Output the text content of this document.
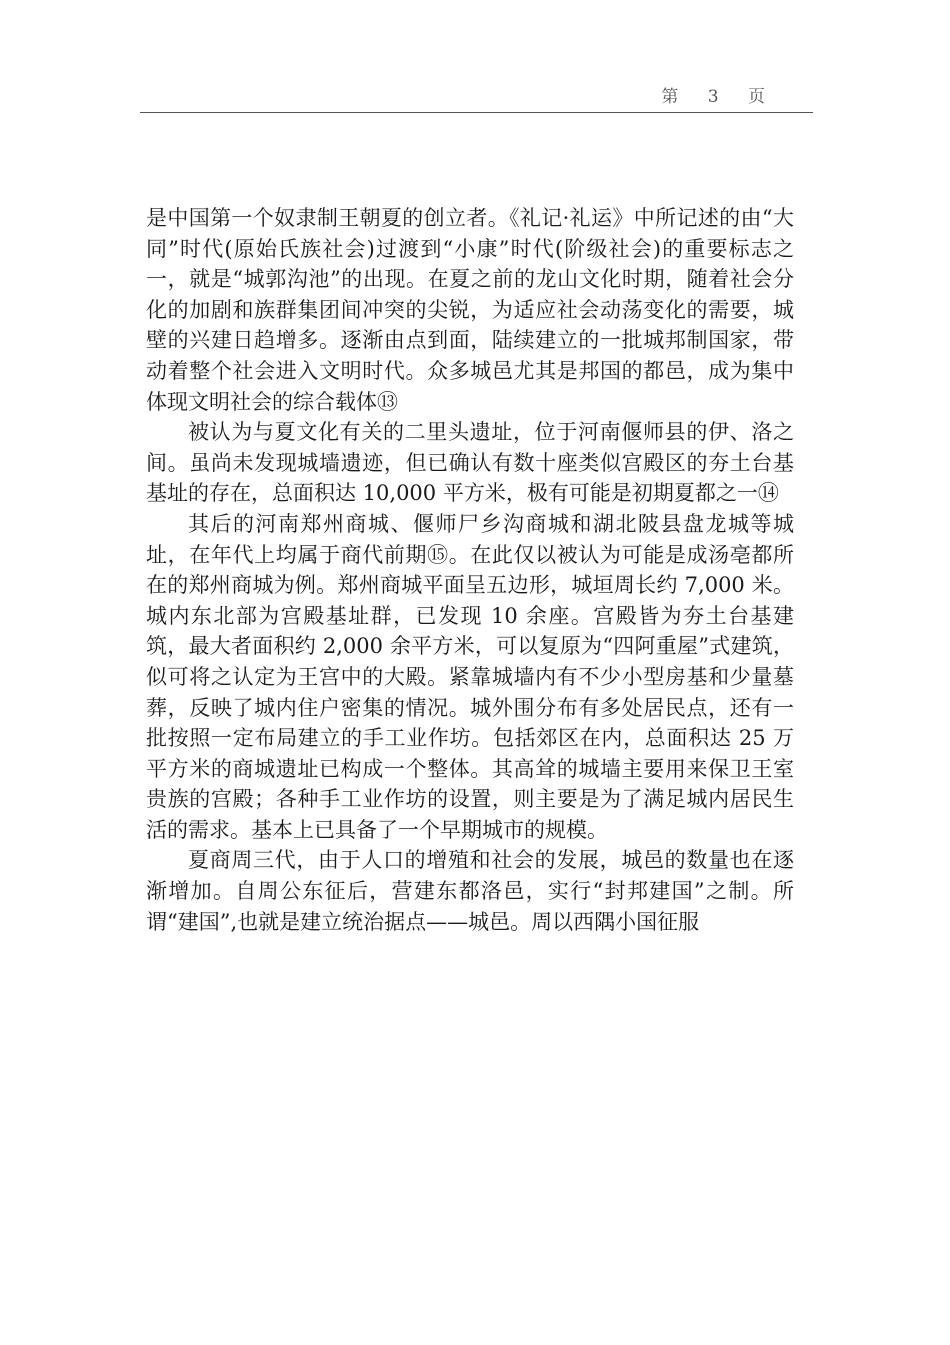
第 3 页

是中国第一个奴隶制王朝夏的创立者。《礼记·礼运》中所记述的由“大同”时代(原始氏族社会)过渡到“小康”时代(阶级社会)的重要标志之一，就是“城郭沟池”的出现。在夏之前的龙山文化时期，随着社会分化的加剧和族群集团间冲突的尖锐，为适应社会动荡变化的需要，城壁的兴建日趋增多。逐渐由点到面，陆续建立的一批城邦制国家，带动着整个社会进入文明时代。众多城邑尤其是邦国的都邑，成为集中体现文明社会的综合载体⑬

被认为与夏文化有关的二里头遗址，位于河南偃师县的伊、洛之间。虽尚未发现城墙遗迹，但已确认有数十座类似宫殿区的夯土台基基址的存在，总面积达 10,000 平方米，极有可能是初期夏都之一⑭

其后的河南郑州商城、偃师尸乡沟商城和湖北陂县盘龙城等城址，在年代上均属于商代前期⑮。在此仅以被认为可能是成汤亳都所在的郑州商城为例。郑州商城平面呈五边形，城垣周长约 7,000 米。城内东北部为宫殿基址群，已发现 10 余座。宫殿皆为夯土台基建筑，最大者面积约 2,000 余平方米，可以复原为“四阿重屋”式建筑，似可将之认定为王宫中的大殿。紧靠城墙内有不少小型房基和少量墓葬，反映了城内住户密集的情况。城外围分布有多处居民点，还有一批按照一定布局建立的手工业作坊。包括郊区在内，总面积达 25 万平方米的商城遗址已构成一个整体。其高耸的城墙主要用来保卫王室贵族的宫殿；各种手工业作坊的设置，则主要是为了满足城内居民生活的需求。基本上已具备了一个早期城市的规模。

夏商周三代，由于人口的增殖和社会的发展，城邑的数量也在逐渐增加。自周公东征后，营建东都洛邑，实行“封邦建国”之制。所谓“建国”,也就是建立统治据点——城邑。周以西隅小国征服
